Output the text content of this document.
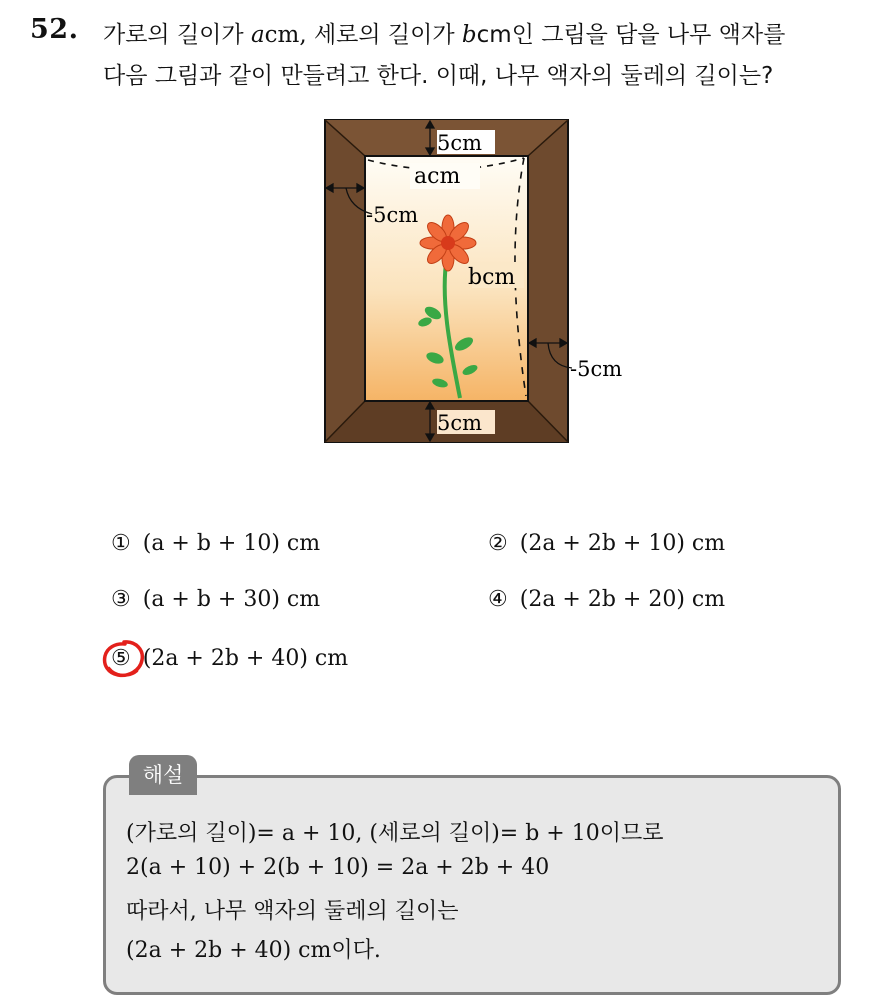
52. 가로의 길이가 acm, 세로의 길이가 bcm인 그림을 담을 나무 액자를
다음 그림과 같이 만들려고 한다. 이때, 나무 액자의 둘레의 길이는?
5cm
acm
-5cm
bcm
-5cm
5cm
① (a + b + 10) cm	② (2a + 2b + 10) cm
③ (a + b + 30) cm	④ (2a + 2b + 20) cm
⑤ (2a + 2b + 40) cm
해설
(가로의 길이)= a + 10, (세로의 길이)= b + 10이므로
2(a + 10) + 2(b + 10) = 2a + 2b + 40
따라서, 나무 액자의 둘레의 길이는
(2a + 2b + 40) cm이다.
